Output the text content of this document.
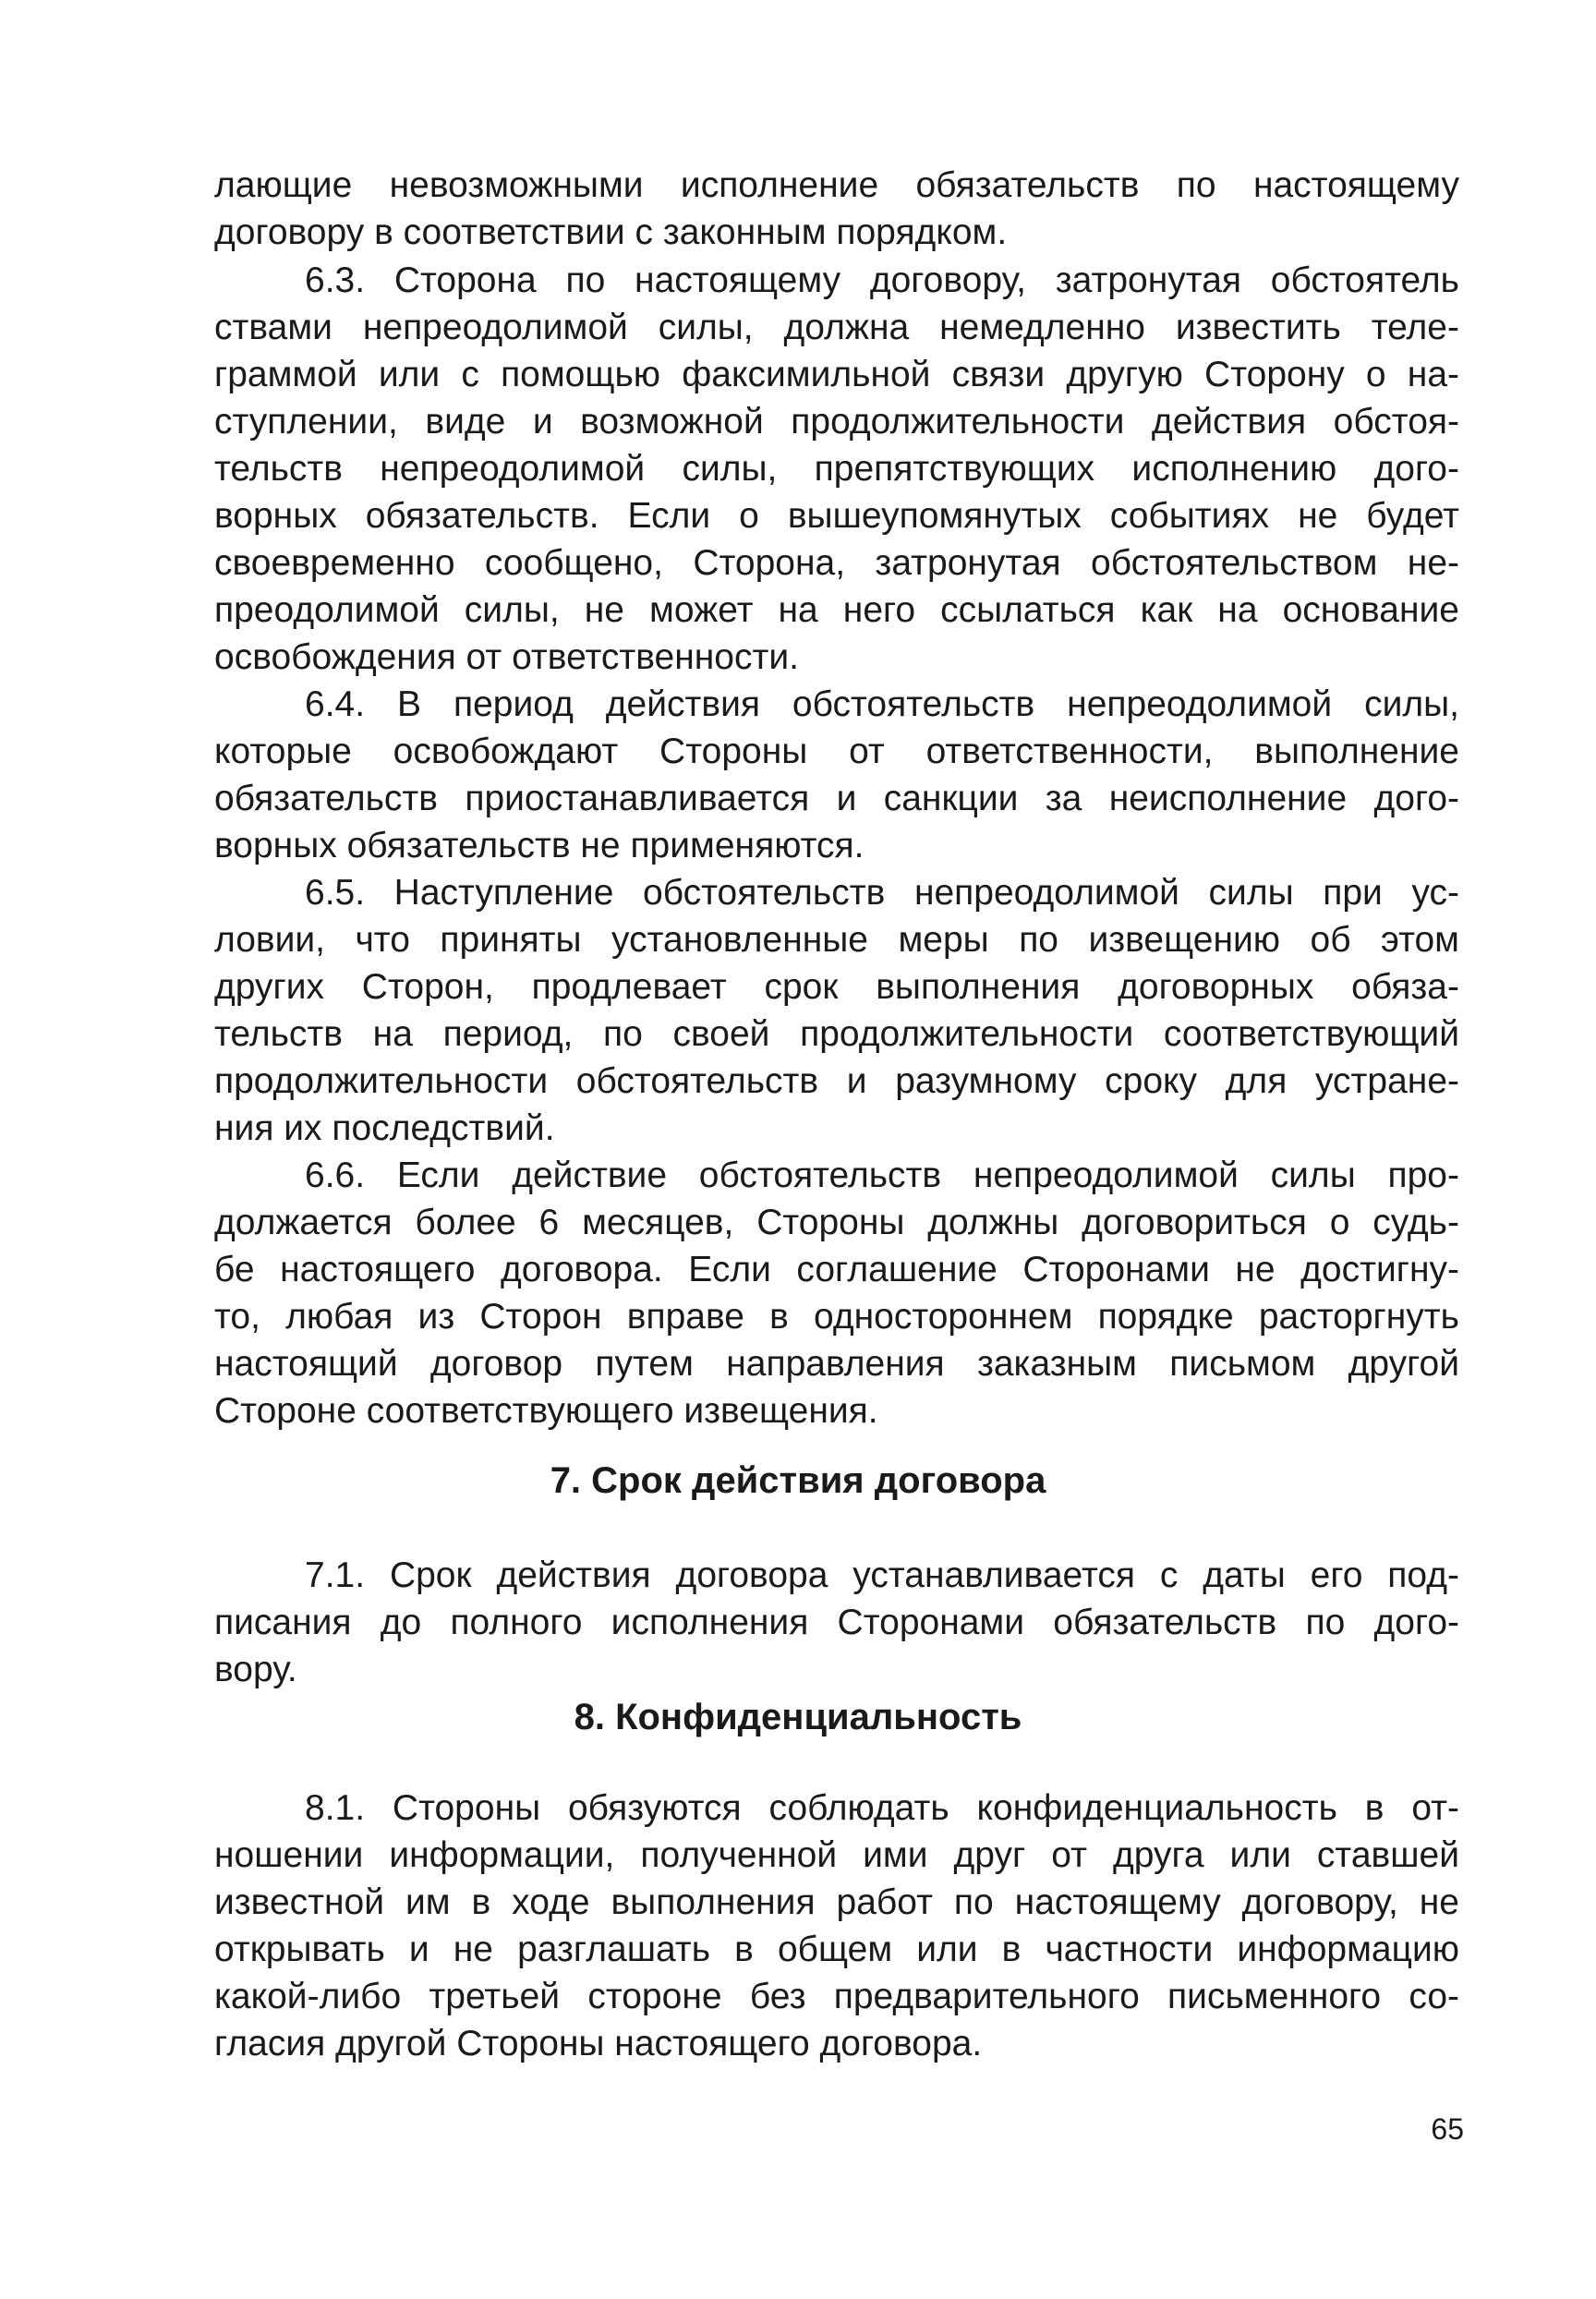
лающие невозможными исполнение обязательств по настоящему
договору в соответствии с законным порядком.
6.3. Сторона по настоящему договору, затронутая обстоятель
ствами непреодолимой силы, должна немедленно известить теле-
граммой или с помощью факсимильной связи другую Сторону о на-
ступлении, виде и возможной продолжительности действия обстоя-
тельств непреодолимой силы, препятствующих исполнению дого-
ворных обязательств. Если о вышеупомянутых событиях не будет
своевременно сообщено, Сторона, затронутая обстоятельством не-
преодолимой силы, не может на него ссылаться как на основание
освобождения от ответственности.
6.4. В период действия обстоятельств непреодолимой силы,
которые освобождают Стороны от ответственности, выполнение
обязательств приостанавливается и санкции за неисполнение дого-
ворных обязательств не применяются.
6.5. Наступление обстоятельств непреодолимой силы при ус-
ловии, что приняты установленные меры по извещению об этом
других Сторон, продлевает срок выполнения договорных обяза-
тельств на период, по своей продолжительности соответствующий
продолжительности обстоятельств и разумному сроку для устране-
ния их последствий.
6.6. Если действие обстоятельств непреодолимой силы про-
должается более 6 месяцев, Стороны должны договориться о судь-
бе настоящего договора. Если соглашение Сторонами не достигну-
то, любая из Сторон вправе в одностороннем порядке расторгнуть
настоящий договор путем направления заказным письмом другой
Стороне соответствующего извещения.
7. Срок действия договора
7.1. Срок действия договора устанавливается с даты его под-
писания до полного исполнения Сторонами обязательств по дого-
вору.
8. Конфиденциальность
8.1. Стороны обязуются соблюдать конфиденциальность в от-
ношении информации, полученной ими друг от друга или ставшей
известной им в ходе выполнения работ по настоящему договору, не
открывать и не разглашать в общем или в частности информацию
какой-либо третьей стороне без предварительного письменного со-
гласия другой Стороны настоящего договора.
65
